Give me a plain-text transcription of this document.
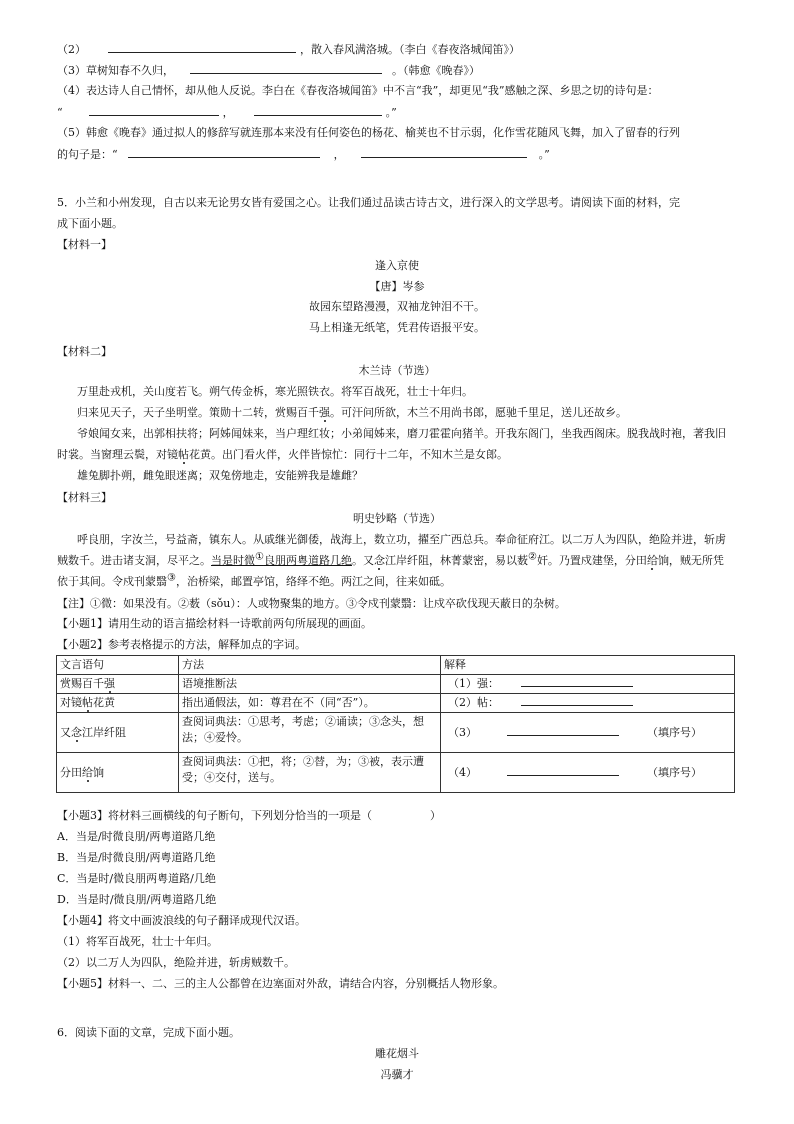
（2）	，散入春风满洛城。（李白《春夜洛城闻笛》）
（3）草树知春不久归，	。（韩愈《晚春》）
（4）表达诗人自己情怀，却从他人反说。李白在《春夜洛城闻笛》中不言“我”，却更见“我”感触之深、乡思之切的诗句是：
“	，	。”
（5）韩愈《晚春》通过拟人的修辞写就连那本来没有任何姿色的杨花、榆荚也不甘示弱，化作雪花随风飞舞，加入了留春的行列
的句子是：“	，	。”
5．小兰和小州发现，自古以来无论男女皆有爱国之心。让我们通过品读古诗古文，进行深入的文学思考。请阅读下面的材料，完
成下面小题。
【材料一】
逢入京使
【唐】岑参
故园东望路漫漫，双袖龙钟泪不干。
马上相逢无纸笔，凭君传语报平安。
【材料二】
木兰诗（节选）
万里赴戎机，关山度若飞。朔气传金柝，寒光照铁衣。将军百战死，壮士十年归。
归来见天子，天子坐明堂。策勋十二转，赏赐百千强。可汗问所欲，木兰不用尚书郎，愿驰千里足，送儿还故乡。
爷娘闻女来，出郭相扶将；阿姊闻妹来，当户理红妆；小弟闻姊来，磨刀霍霍向猪羊。开我东阁门，坐我西阁床。脱我战时袍，著我旧
时裳。当窗理云鬓，对镜帖花黄。出门看火伴，火伴皆惊忙：同行十二年，不知木兰是女郎。
雄兔脚扑朔，雌兔眼迷离；双兔傍地走，安能辨我是雄雌？
【材料三】
明史钞略（节选）
呼良朋，字汝兰，号益斋，镇东人。从戚继光御倭，战海上，数立功，擢至广西总兵。奉命征府江。以二万人为四队，绝险并进，斩虏
贼数千。进击诸支洞，尽平之。当是时微①良朋两粤道路几绝。又念江岸纤阻，林菁蒙密，易以薮②奸。乃置戍建堡，分田给饷，贼无所凭
依于其间。令戍刊蒙翳③，治桥梁，邮置亭馆，络绎不绝。两江之间，往来如砥。
【注】①微：如果没有。②薮（sǒu）：人或物聚集的地方。③令戍刊蒙翳：让戍卒砍伐现天蔽日的杂树。
【小题1】请用生动的语言描绘材料一诗歌前两句所展现的画面。
【小题2】参考表格提示的方法，解释加点的字词。
文言语句	方法	解释
赏赐百千强	语境推断法	（1）强：
对镜帖花黄	指出通假法，如：尊君在不（同“否”）。	（2）帖：
又念江岸纤阻	查阅词典法：①思考，考虑；②诵读；③念头，想法；④爱怜。	（3） （填序号）
分田给饷	查阅词典法：①把，将；②替，为；③被，表示遭受；④交付，送与。	（4） （填序号）
【小题3】将材料三画横线的句子断句，下列划分恰当的一项是（	）
A．当是/时微良朋/两粤道路几绝
B．当是/时微良朋/两粤道路几绝
C．当是时/微良朋两粤道路/几绝
D．当是时/微良朋/两粤道路几绝
【小题4】将文中画波浪线的句子翻译成现代汉语。
（1）将军百战死，壮士十年归。
（2）以二万人为四队，绝险并进，斩虏贼数千。
【小题5】材料一、二、三的主人公都曾在边塞面对外敌，请结合内容，分别概括人物形象。
6．阅读下面的文章，完成下面小题。
雕花烟斗
冯骥才
